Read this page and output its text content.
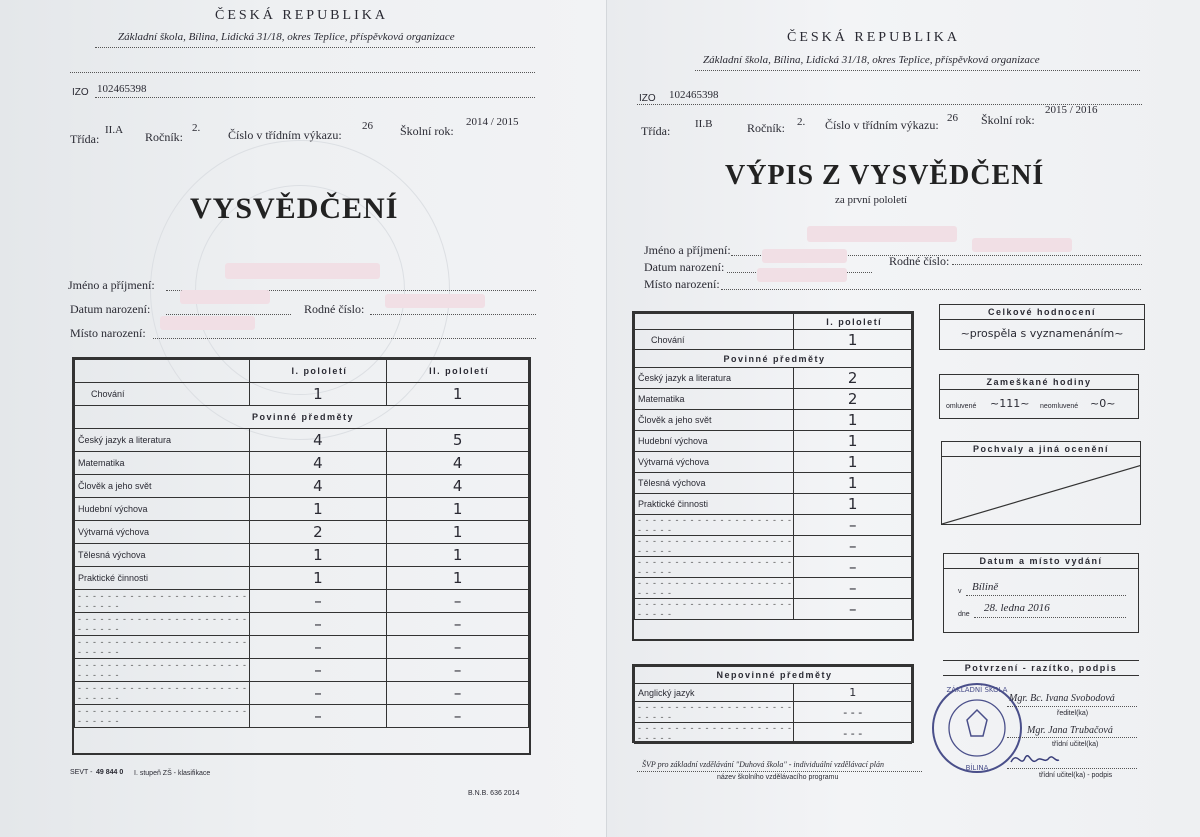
ČESKÁ REPUBLIKA
Základní škola, Bílina, Lidická 31/18, okres Teplice, příspěvková organizace
IZO 102465398
Třída:
II.A Ročník:
2. Číslo v třídním výkazu:
26 Školní rok:
2014 / 2015
VYSVĚDČENÍ
Jméno a příjmení:
Datum narození:	Rodné číslo:
Místo narození:
	I. pololetí	II. pololetí
Chování	1	1
Povinné předměty		
Český jazyk a literatura	4	5
Matematika	4	4
Člověk a jeho svět	4	4
Hudební výchova	1	1
Výtvarná výchova	2	1
Tělesná výchova	1	1
Praktické činnosti	1	1
- - - - - - - - - - - - - - - - - - - - - - - - - - - - -	–	–
- - - - - - - - - - - - - - - - - - - - - - - - - - - - -	–	–
- - - - - - - - - - - - - - - - - - - - - - - - - - - - -	–	–
- - - - - - - - - - - - - - - - - - - - - - - - - - - - -	–	–
- - - - - - - - - - - - - - - - - - - - - - - - - - - - -	–	–
- - - - - - - - - - - - - - - - - - - - - - - - - - - - -	–	–
SEVT - 49 844 0 I. stupeň ZŠ - klasifikace
B.N.B. 636 2014
ČESKÁ REPUBLIKA
Základní škola, Bílina, Lidická 31/18, okres Teplice, příspěvková organizace
IZO 102465398
Třída: II.B	Ročník: 2. Číslo v třídním výkazu: 26 Školní rok:
2015 / 2016
VÝPIS Z VYSVĚDČENÍ
za první pololetí
Jméno a příjmení:
Datum narození:	Rodné číslo:
Místo narození:
	I. pololetí
Chování	1
Povinné předměty	
Český jazyk a literatura	2
Matematika	2
Člověk a jeho svět	1
Hudební výchova	1
Výtvarná výchova	1
Tělesná výchova	1
Praktické činnosti	1
- - - - - - - - - - - - - - - - - - - - - - - - - -	–
- - - - - - - - - - - - - - - - - - - - - - - - - -	–
- - - - - - - - - - - - - - - - - - - - - - - - - -	–
- - - - - - - - - - - - - - - - - - - - - - - - - -	–
- - - - - - - - - - - - - - - - - - - - - - - - - -	–
Celkové hodnocení
~prospěla s vyznamenáním~
Zameškané hodiny
omluvené ~111~ neomluvené ~0~
Pochvaly a jiná ocenění
Datum a místo vydání
v Bílině
dne
28. ledna 2016
Nepovinné předměty	
Anglický jazyk	1
- - - - - - - - - - - - - - - - - - - - - - - - - -	- - -
- - - - - - - - - - - - - - - - - - - - - - - - - -	- - -
Potvrzení - razítko, podpis
ZÁKLADNÍ ŠKOLA
BÍLINA
Mgr. Bc. Ivana Svobodová
ředitel(ka)
Mgr. Jana Trubačová
třídní učitel(ka)
třídní učitel(ka) - podpis
ŠVP pro základní vzdělávání "Duhová škola" - individuální vzdělávací plán
název školního vzdělávacího programu
